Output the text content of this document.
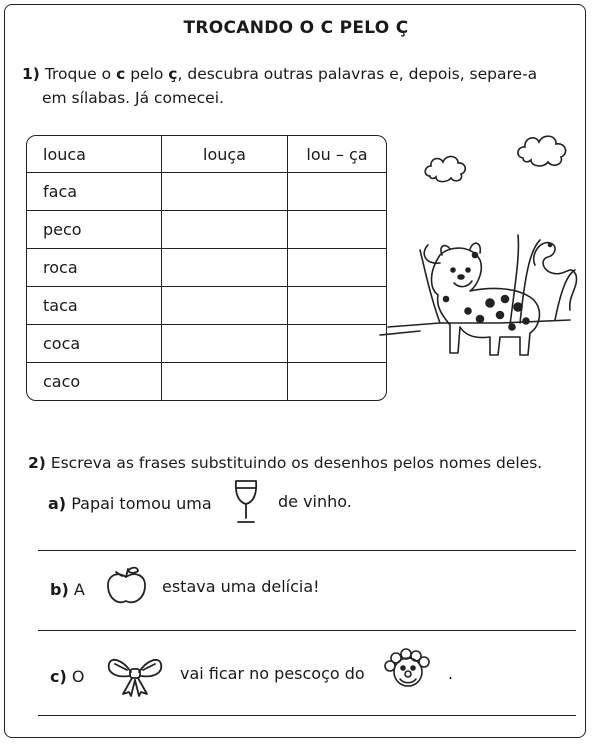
TROCANDO O C PELO Ç
1) Troque o c pelo ç, descubra outras palavras e, depois, separe-a
em sílabas. Já comecei.
louca	louça	lou – ça
faca		
peco		
roca		
taca		
coca		
caco		
2) Escreva as frases substituindo os desenhos pelos nomes deles.
a) Papai tomou uma	de vinho.
b) A	estava uma delícia!
c) O	vai ficar no pescoço do	.
